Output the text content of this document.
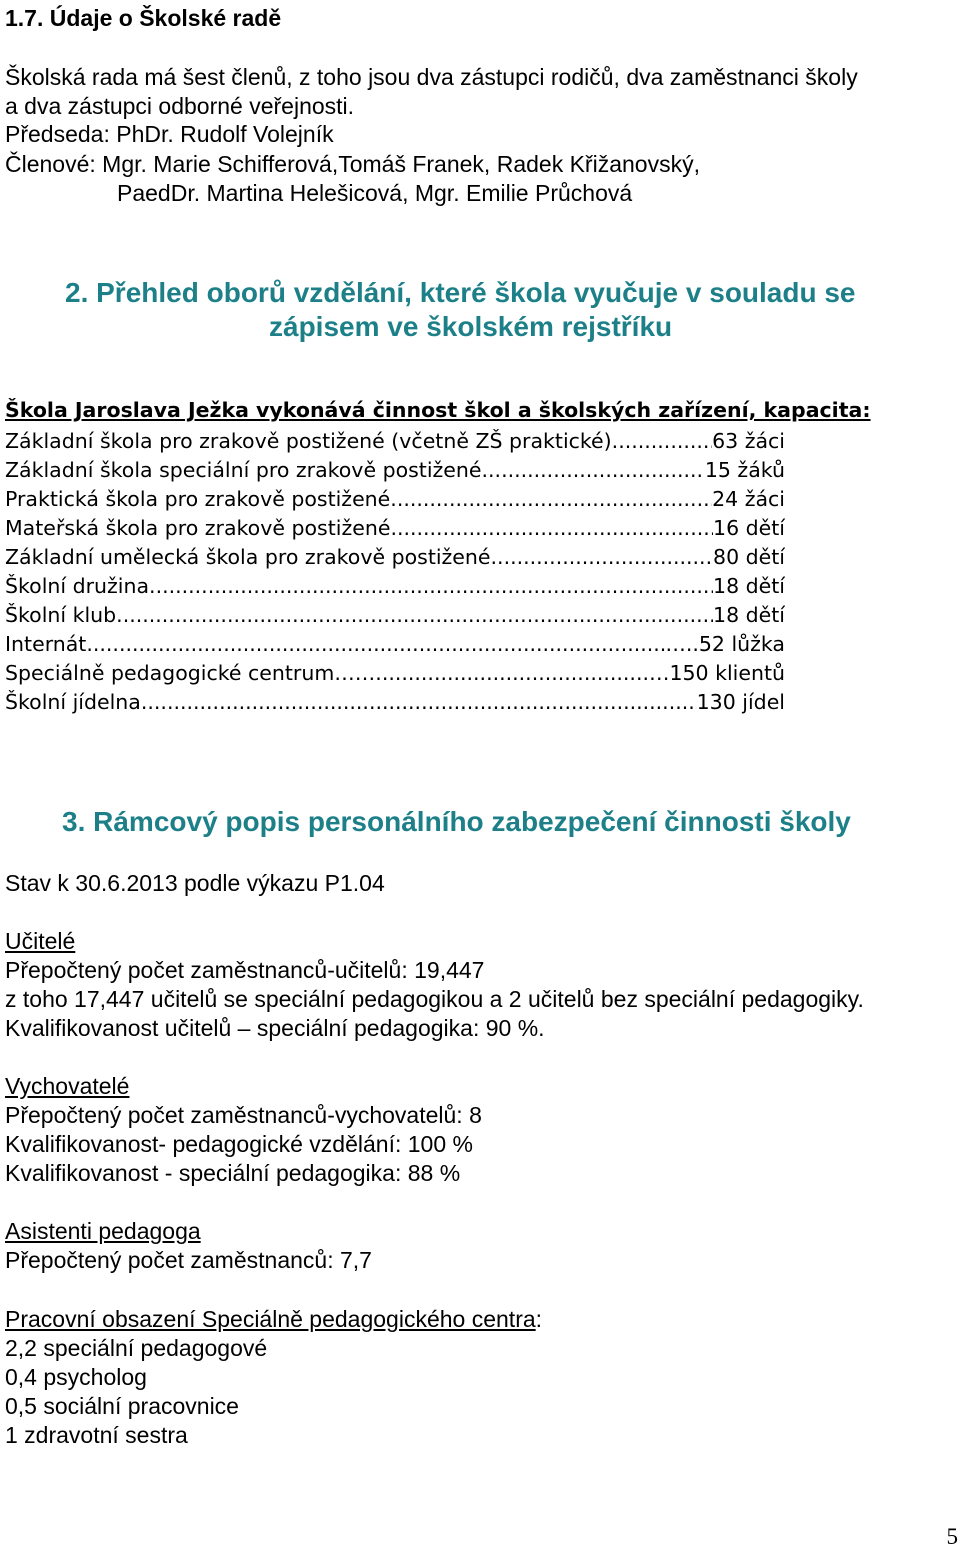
1.7. Údaje o Školské radě
Školská rada má šest členů, z toho jsou dva zástupci rodičů, dva zaměstnanci školy
a dva zástupci odborné veřejnosti.
Předseda: PhDr. Rudolf Volejník
Členové: Mgr. Marie Schifferová,Tomáš Franek, Radek Křižanovský,
PaedDr. Martina Helešicová, Mgr. Emilie Průchová
2. Přehled oborů vzdělání, které škola vyučuje v souladu se
zápisem ve školském rejstříku
Škola Jaroslava Ježka vykonává činnost škol a školských zařízení, kapacita:
Základní škola pro zrakově postižené (včetně ZŠ praktické) .....	63 žáci
Základní škola speciální pro zrakově postižené .....	15 žáků
Praktická škola pro zrakově postižené .....	24 žáci
Mateřská škola pro zrakově postižené .....	16 dětí
Základní umělecká škola pro zrakově postižené .....	80 dětí
Školní družina .....	18 dětí
Školní klub .....	18 dětí
Internát .....	…..52 lůžka
Speciálně pedagogické centrum…… .....	…150 klientů
Školní jídelna .....	130 jídel
3. Rámcový popis personálního zabezpečení činnosti školy
Stav k 30.6.2013 podle výkazu P1.04
Učitelé
Přepočtený počet zaměstnanců-učitelů: 19,447
z toho 17,447 učitelů se speciální pedagogikou a 2 učitelů bez speciální pedagogiky.
Kvalifikovanost učitelů – speciální pedagogika: 90 %.
Vychovatelé
Přepočtený počet zaměstnanců-vychovatelů: 8
Kvalifikovanost- pedagogické vzdělání: 100 %
Kvalifikovanost - speciální pedagogika: 88 %
Asistenti pedagoga
Přepočtený počet zaměstnanců: 7,7
Pracovní obsazení Speciálně pedagogického centra:
2,2 speciální pedagogové
0,4 psycholog
0,5 sociální pracovnice
1 zdravotní sestra
5
